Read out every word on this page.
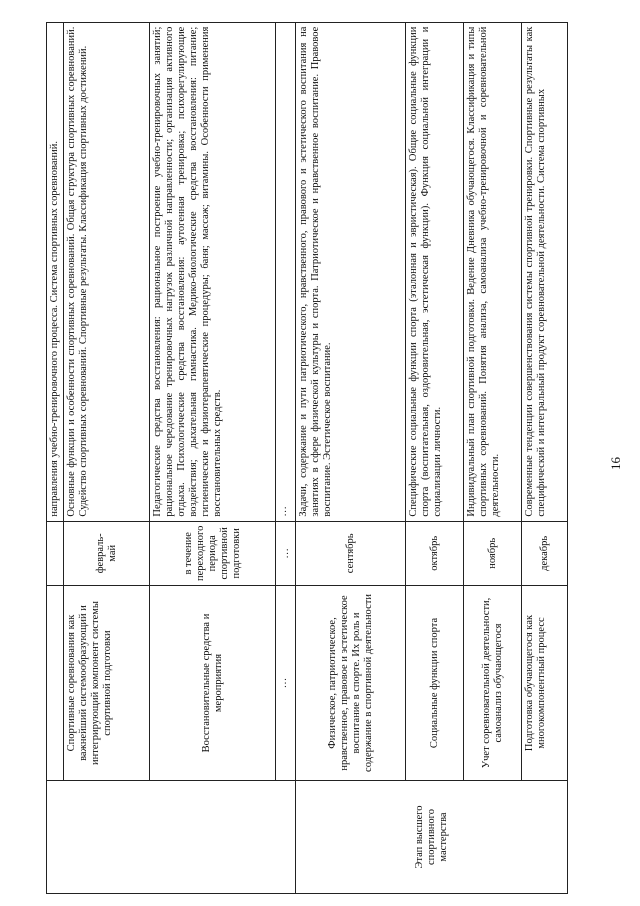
16
			направления учебно-тренировочного процесса. Система спортивных соревнований.
	Спортивные соревнования как важнейший системообразующий и интегрирующий компонент системы спортивной подготовки	февраль-май	Основные функции и особенности спортивных соревнований. Общая структура спортивных соревнований. Судейство спортивных соревнований. Спортивные результаты. Классификация спортивных достижений.
	Восстановительные средства и мероприятия	в течение переходного периода спортивной подготовки	Педагогические средства восстановления: рациональное построение учебно-тренировочных занятий; рациональное чередование тренировочных нагрузок различной направленности; организация активного отдыха. Психологические средства восстановления: аутогенная тренировка; психорегулирующие воздействия; дыхательная гимнастика. Медико-биологические средства восстановления: питание; гигиенические и физиотерапевтические процедуры; баня; массаж; витамины. Особенности применения восстановительных средств.
	…	…	…
Этап высшего спортивного мастерства	Физическое, патриотическое, нравственное, правовое и эстетическое воспитание в спорте. Их роль и содержание в спортивной деятельности	сентябрь	Задачи, содержание и пути патриотического, нравственного, правового и эстетического воспитания на занятиях в сфере физической культуры и спорта. Патриотическое и нравственное воспитание. Правовое воспитание. Эстетическое воспитание.
	Социальные функции спорта	октябрь	Специфические социальные функции спорта (эталонная и эвристическая). Общие социальные функции спорта (воспитательная, оздоровительная, эстетическая функции). Функция социальной интеграции и социализации личности.
	Учет соревновательной деятельности, самоанализ обучающегося	ноябрь	Индивидуальный план спортивной подготовки. Ведение Дневника обучающегося. Классификация и типы спортивных соревнований. Понятия анализа, самоанализа учебно-тренировочной и соревновательной деятельности.
	Подготовка обучающегося как многокомпонентный процесс	декабрь	Современные тенденции совершенствования системы спортивной тренировки. Спортивные результаты как специфический и интегральный продукт соревновательной деятельности. Система спортивных
